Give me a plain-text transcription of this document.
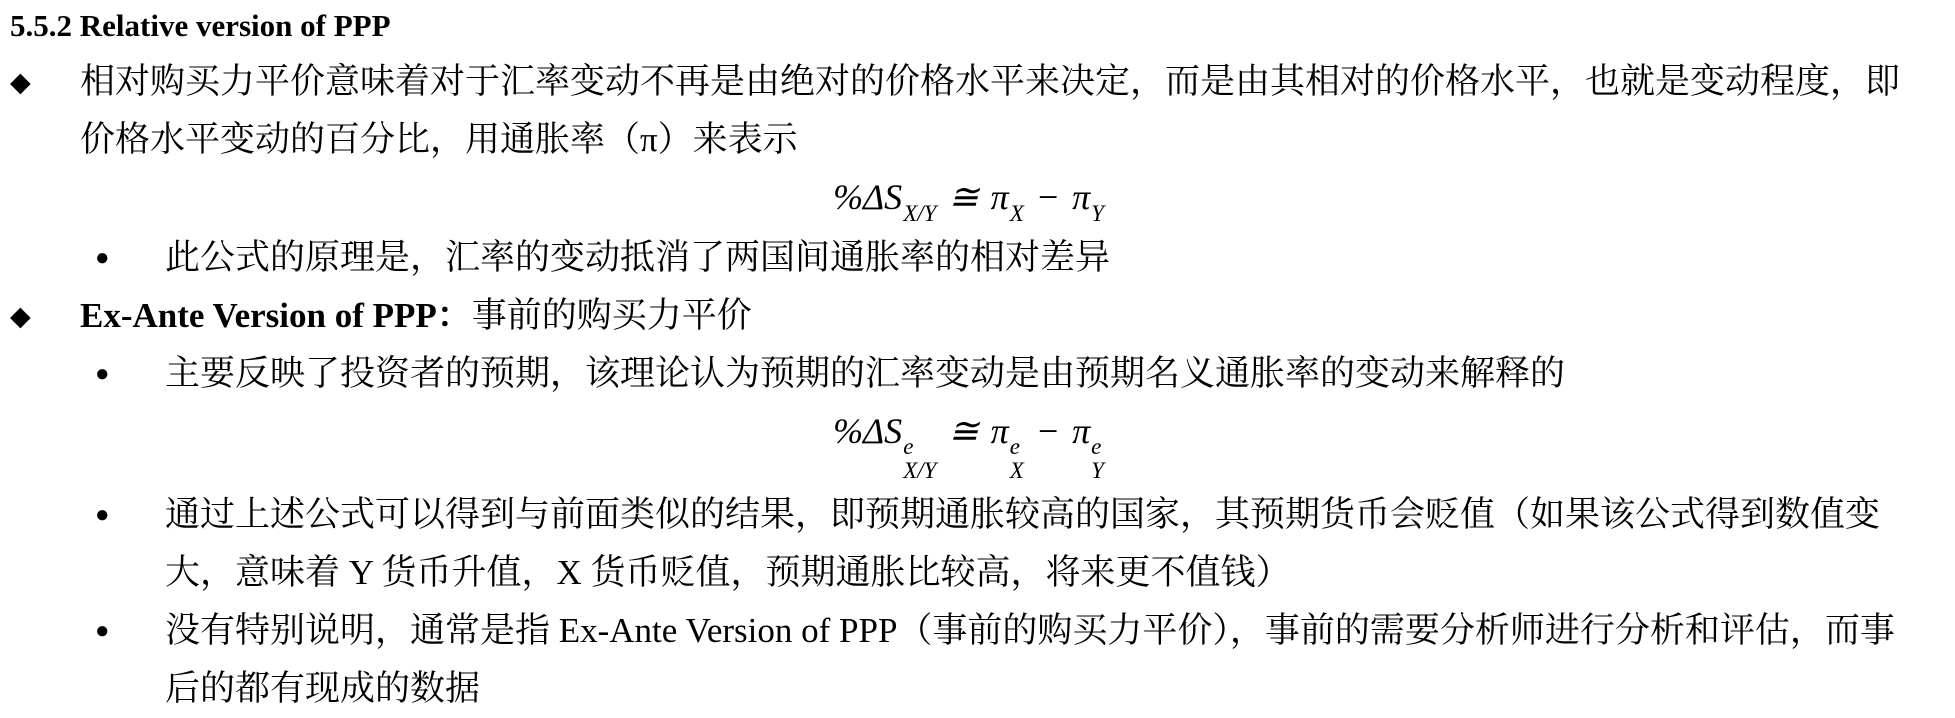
5.5.2 Relative version of PPP
◆	相对购买力平价意味着对于汇率变动不再是由绝对的价格水平来决定，而是由其相对的价格水平，也就是变动程度，即价格水平变动的百分比，用通胀率（π）来表示
%ΔS X/Y ≅ π X − π Y
●	此公式的原理是，汇率的变动抵消了两国间通胀率的相对差异
◆	Ex-Ante Version of PPP：事前的购买力平价
●	主要反映了投资者的预期，该理论认为预期的汇率变动是由预期名义通胀率的变动来解释的
%ΔS e
X/Y
≅ π e
X
− π e
Y
●	通过上述公式可以得到与前面类似的结果，即预期通胀较高的国家，其预期货币会贬值（如果该公式得到数值变大，意味着 Y 货币升值，X 货币贬值，预期通胀比较高，将来更不值钱）
●	没有特别说明，通常是指 Ex-Ante Version of PPP（事前的购买力平价），事前的需要分析师进行分析和评估，而事后的都有现成的数据
